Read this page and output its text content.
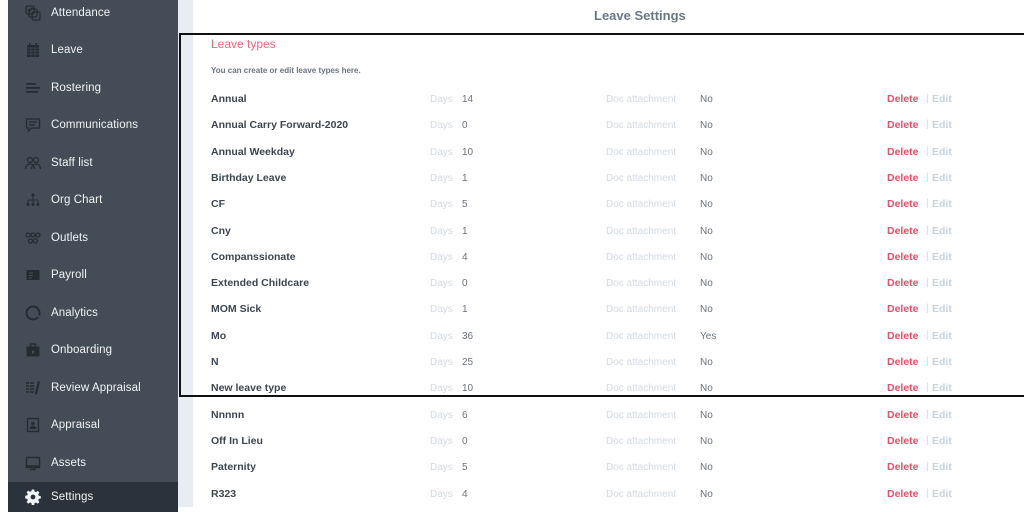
Attendance
Leave
Rostering
Communications
Staff list
Org Chart
Outlets
Payroll
Analytics
Onboarding
Review Appraisal
Appraisal
Assets
Settings
Leave Settings
Leave types
You can create or edit leave types here.
Annual	Days 14	Doc attachment No	Delete | Edit
Annual Carry Forward-2020	Days 0	Doc attachment No	Delete | Edit
Annual Weekday	Days 10	Doc attachment No	Delete | Edit
Birthday Leave	Days 1	Doc attachment No	Delete | Edit
CF	Days 5	Doc attachment No	Delete | Edit
Cny	Days 1	Doc attachment No	Delete | Edit
Companssionate	Days 4	Doc attachment No	Delete | Edit
Extended Childcare	Days 0	Doc attachment No	Delete | Edit
MOM Sick	Days 1	Doc attachment No	Delete | Edit
Mo	Days 36	Doc attachment Yes	Delete | Edit
N	Days 25	Doc attachment No	Delete | Edit
New leave type	Days 10	Doc attachment No	Delete | Edit
Nnnnn	Days 6	Doc attachment No	Delete | Edit
Off In Lieu	Days 0	Doc attachment No	Delete | Edit
Paternity	Days 5	Doc attachment No	Delete | Edit
R323	Days 4	Doc attachment No	Delete | Edit
